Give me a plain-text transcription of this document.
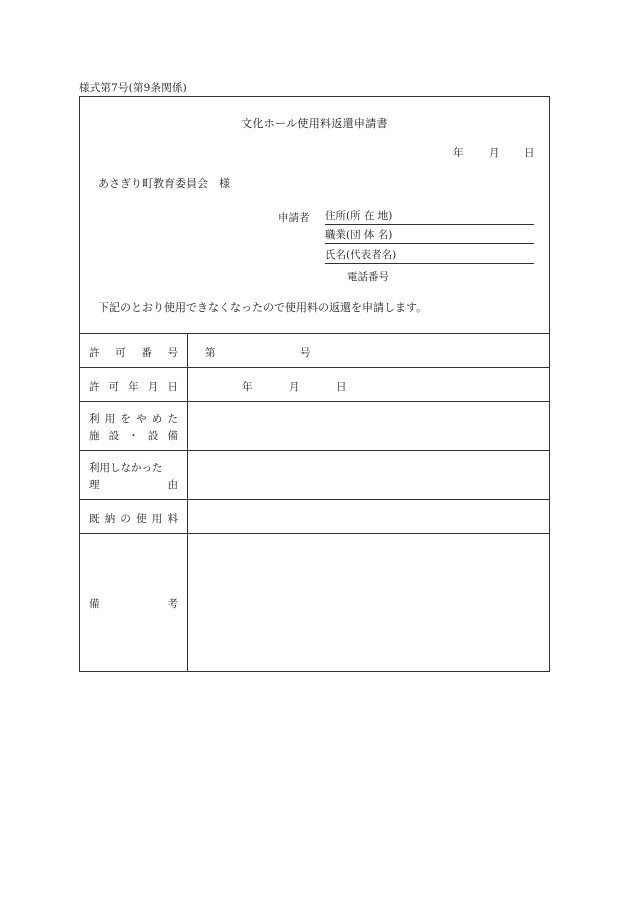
様式第7号(第9条関係)
文化ホール使用料返還申請書
年 月 日
あさぎり町教育委員会　様
申請者 住所(所 在 地)
職業(団 体 名)
氏名(代表者名)
電話番号
下記のとおり使用できなくなったので使用料の返還を申請します。
許 可 番 号	第	号
許 可 年 月 日	年	月	日
利 用 を や め た
施 設 ・ 設 備
利用しなかった
理	由
既 納 の 使 用 料
備	考
